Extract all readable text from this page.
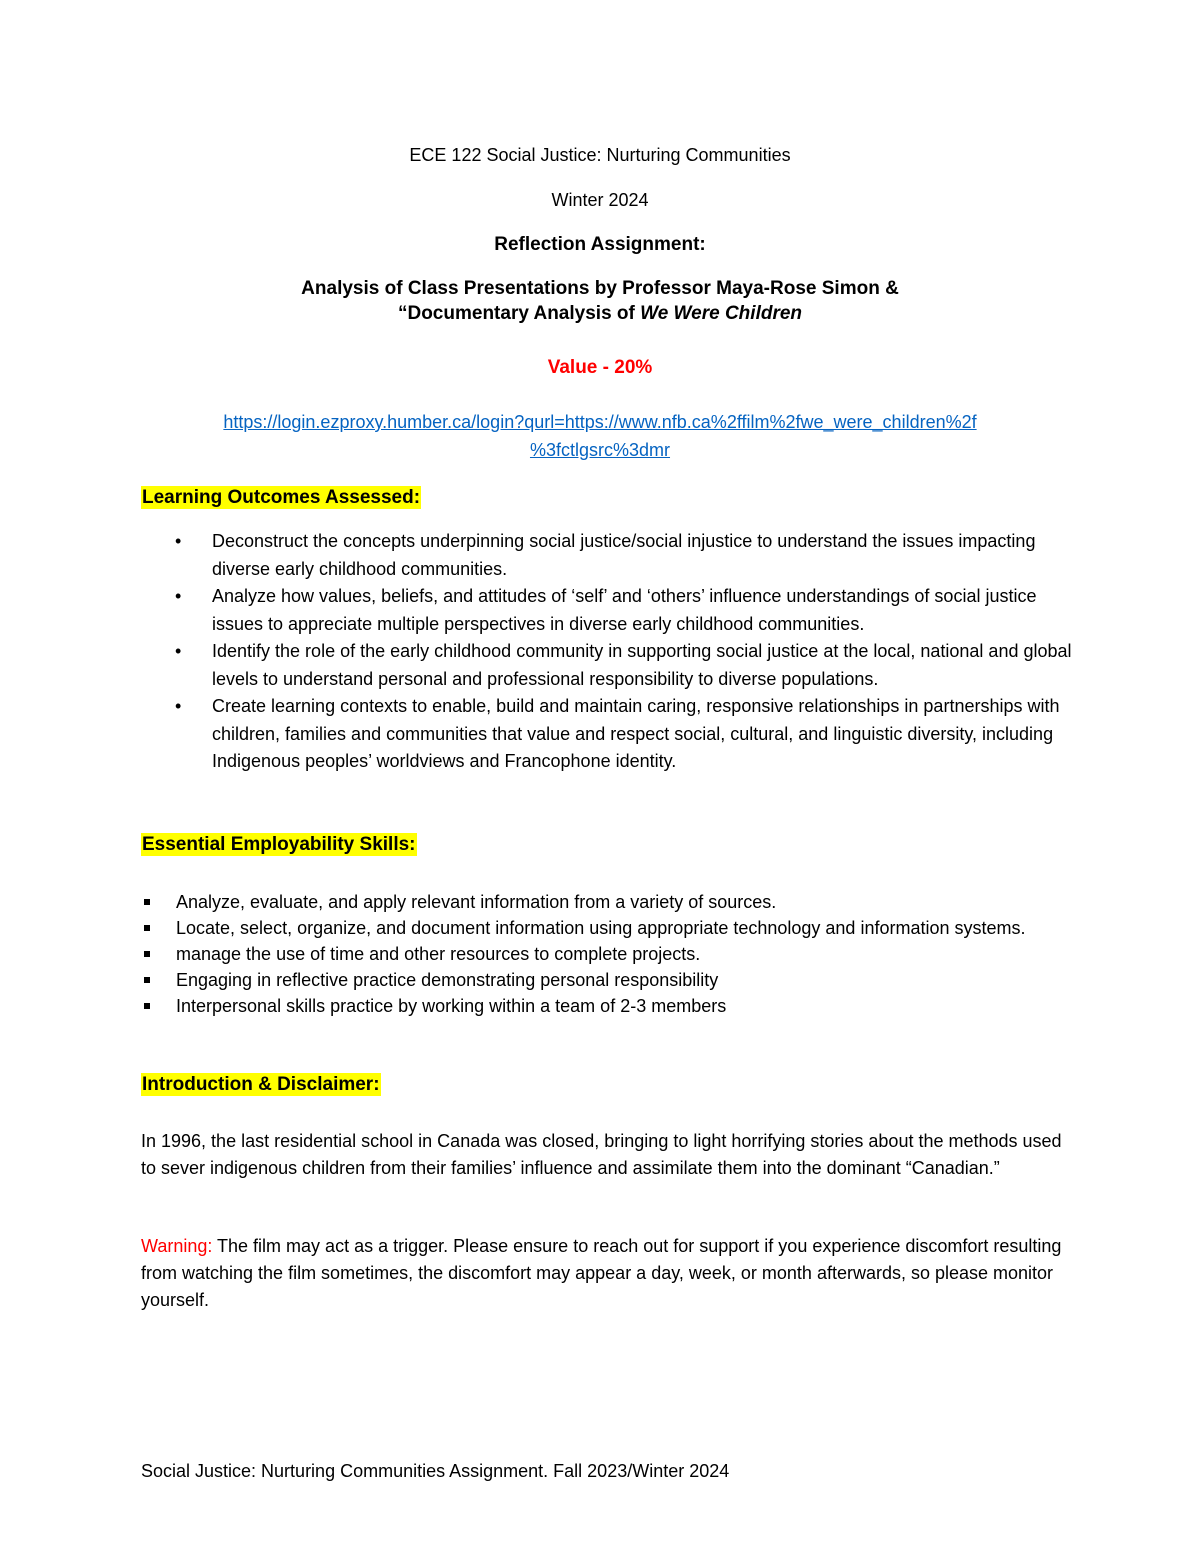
ECE 122 Social Justice: Nurturing Communities
Winter 2024
Reflection Assignment:
Analysis of Class Presentations by Professor Maya-Rose Simon &
“Documentary Analysis of We Were Children
Value - 20%
https://login.ezproxy.humber.ca/login?qurl=https://www.nfb.ca%2ffilm%2fwe_were_children%2f
%3fctlgsrc%3dmr
Learning Outcomes Assessed:
• Deconstruct the concepts underpinning social justice/social injustice to understand the issues impacting diverse early childhood communities.
• Analyze how values, beliefs, and attitudes of ‘self’ and ‘others’ influence understandings of social justice issues to appreciate multiple perspectives in diverse early childhood communities.
• Identify the role of the early childhood community in supporting social justice at the local, national and global levels to understand personal and professional responsibility to diverse populations.
• Create learning contexts to enable, build and maintain caring, responsive relationships in partnerships with children, families and communities that value and respect social, cultural, and linguistic diversity, including Indigenous peoples’ worldviews and Francophone identity.
Essential Employability Skills:
Analyze, evaluate, and apply relevant information from a variety of sources.
Locate, select, organize, and document information using appropriate technology and information systems.
manage the use of time and other resources to complete projects.
Engaging in reflective practice demonstrating personal responsibility
Interpersonal skills practice by working within a team of 2-3 members
Introduction & Disclaimer:
In 1996, the last residential school in Canada was closed, bringing to light horrifying stories about the methods used to sever indigenous children from their families’ influence and assimilate them into the dominant “Canadian.”
Warning: The film may act as a trigger. Please ensure to reach out for support if you experience discomfort resulting from watching the film sometimes, the discomfort may appear a day, week, or month afterwards, so please monitor yourself.
Social Justice: Nurturing Communities Assignment. Fall 2023/Winter 2024
